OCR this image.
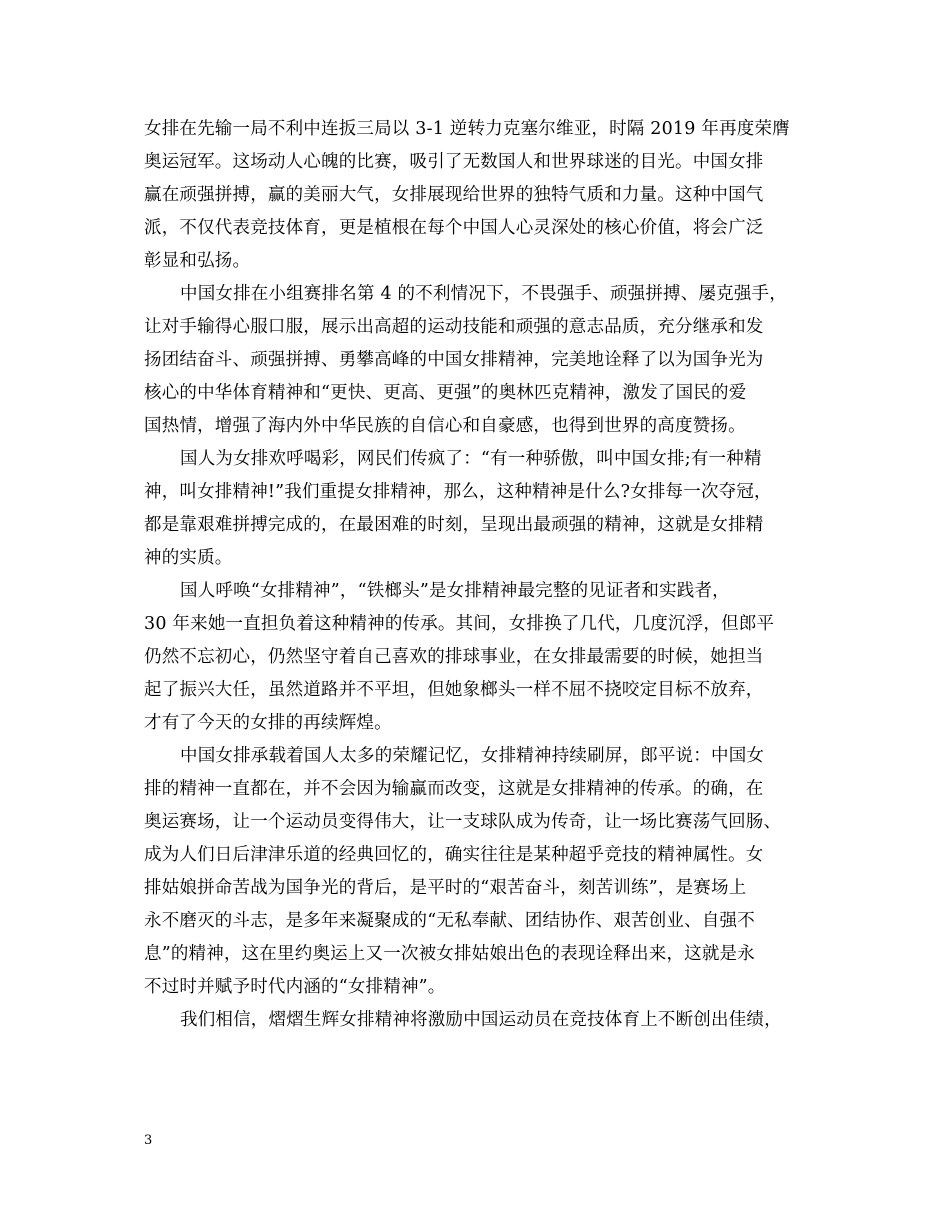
女排在先输一局不利中连扳三局以 3-1 逆转力克塞尔维亚，时隔 2019 年再度荣膺
奥运冠军。这场动人心魄的比赛，吸引了无数国人和世界球迷的目光。中国女排
赢在顽强拼搏，赢的美丽大气，女排展现给世界的独特气质和力量。这种中国气
派，不仅代表竞技体育，更是植根在每个中国人心灵深处的核心价值，将会广泛
彰显和弘扬。
中国女排在小组赛排名第 4 的不利情况下，不畏强手、顽强拼搏、屡克强手，
让对手输得心服口服，展示出高超的运动技能和顽强的意志品质，充分继承和发
扬团结奋斗、顽强拼搏、勇攀高峰的中国女排精神，完美地诠释了以为国争光为
核心的中华体育精神和“更快、更高、更强”的奥林匹克精神，激发了国民的爱
国热情，增强了海内外中华民族的自信心和自豪感，也得到世界的高度赞扬。
国人为女排欢呼喝彩，网民们传疯了：“有一种骄傲，叫中国女排;有一种精
神，叫女排精神!”我们重提女排精神，那么，这种精神是什么?女排每一次夺冠，
都是靠艰难拼搏完成的，在最困难的时刻，呈现出最顽强的精神，这就是女排精
神的实质。
国人呼唤“女排精神”，“铁榔头”是女排精神最完整的见证者和实践者，
30 年来她一直担负着这种精神的传承。其间，女排换了几代，几度沉浮，但郎平
仍然不忘初心，仍然坚守着自己喜欢的排球事业，在女排最需要的时候，她担当
起了振兴大任，虽然道路并不平坦，但她象榔头一样不屈不挠咬定目标不放弃，
才有了今天的女排的再续辉煌。
中国女排承载着国人太多的荣耀记忆，女排精神持续刷屏，郎平说：中国女
排的精神一直都在，并不会因为输赢而改变，这就是女排精神的传承。的确，在
奥运赛场，让一个运动员变得伟大，让一支球队成为传奇，让一场比赛荡气回肠、
成为人们日后津津乐道的经典回忆的，确实往往是某种超乎竞技的精神属性。女
排姑娘拼命苦战为国争光的背后，是平时的“艰苦奋斗，刻苦训练”，是赛场上
永不磨灭的斗志，是多年来凝聚成的“无私奉献、团结协作、艰苦创业、自强不
息”的精神，这在里约奥运上又一次被女排姑娘出色的表现诠释出来，这就是永
不过时并赋予时代内涵的“女排精神”。
我们相信，熠熠生辉女排精神将激励中国运动员在竞技体育上不断创出佳绩，
3
